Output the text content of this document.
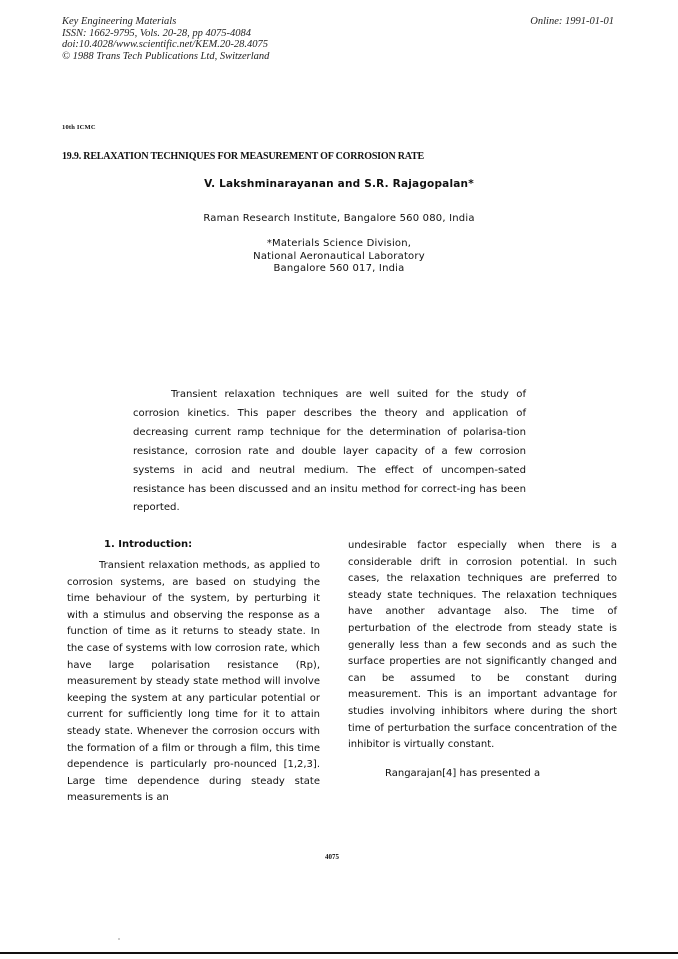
Key Engineering Materials
ISSN: 1662-9795, Vols. 20-28, pp 4075-4084
doi:10.4028/www.scientific.net/KEM.20-28.4075
© 1988 Trans Tech Publications Ltd, Switzerland
Online: 1991-01-01
10th ICMC
19.9. RELAXATION TECHNIQUES FOR MEASUREMENT OF CORROSION RATE
V. Lakshminarayanan and S.R. Rajagopalan*
Raman Research Institute, Bangalore 560 080, India
*Materials Science Division,
National Aeronautical Laboratory
Bangalore 560 017, India

Transient relaxation techniques are well suited for the study of corrosion kinetics. This paper describes the theory and application of decreasing current ramp technique for the determination of polarisa-tion resistance, corrosion rate and double layer capacity of a few corrosion systems in acid and neutral medium. The effect of uncompen-sated resistance has been discussed and an insitu method for correct-ing has been reported.

1. Introduction:

Transient relaxation methods, as applied to corrosion systems, are based on studying the time behaviour of the system, by perturbing it with a stimulus and observing the response as a function of time as it returns to steady state. In the case of systems with low corrosion rate, which have large polarisation resistance (Rp), measurement by steady state method will involve keeping the system at any particular potential or current for sufficiently long time for it to attain steady state. Whenever the corrosion occurs with the formation of a film or through a film, this time dependence is particularly pro-nounced [1,2,3]. Large time dependence during steady state measurements is an

undesirable factor especially when there is a considerable drift in corrosion potential. In such cases, the relaxation techniques are preferred to steady state techniques. The relaxation techniques have another advantage also. The time of perturbation of the electrode from steady state is generally less than a few seconds and as such the surface properties are not significantly changed and can be assumed to be constant during measurement. This is an important advantage for studies involving inhibitors where during the short time of perturbation the surface concentration of the inhibitor is virtually constant.

Rangarajan[4] has presented a

4075
